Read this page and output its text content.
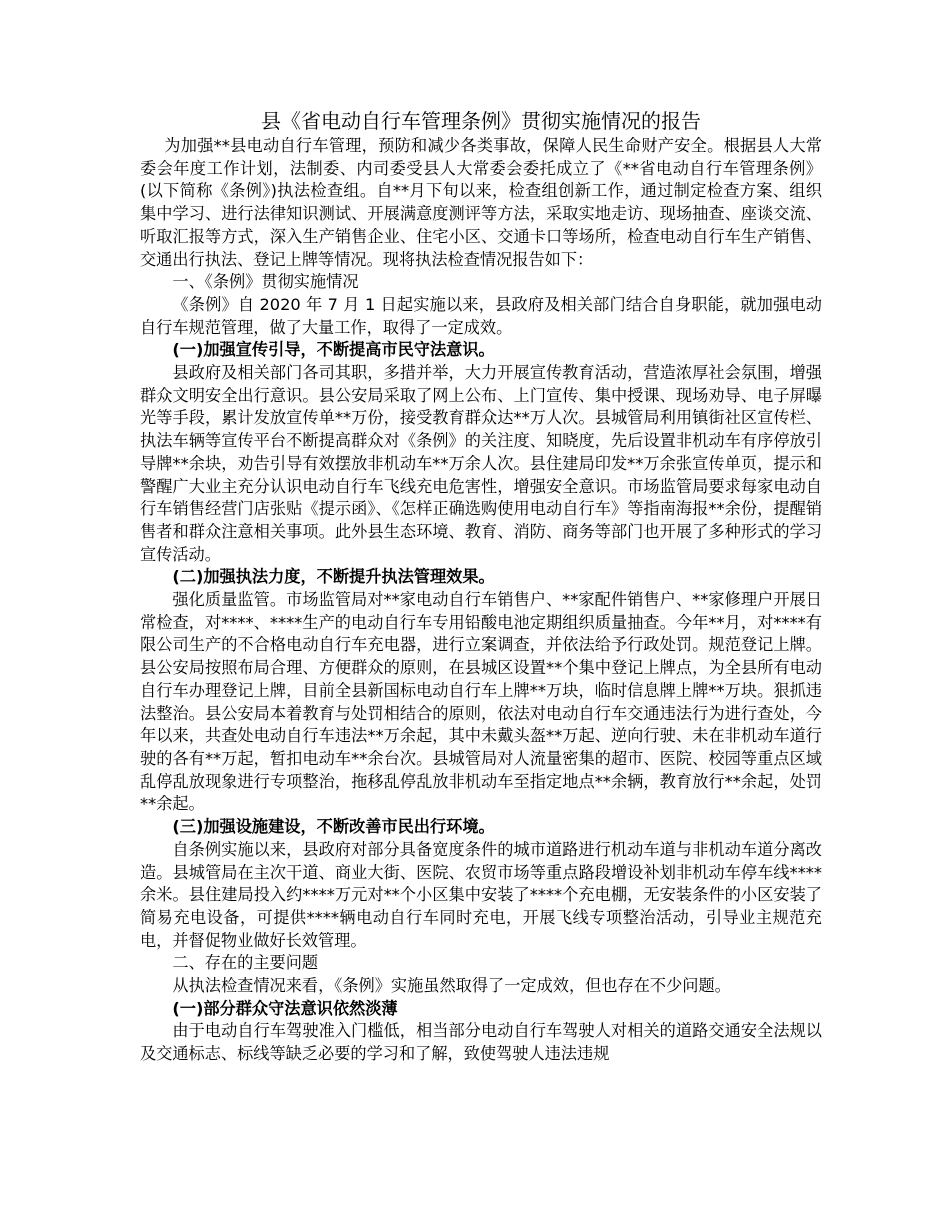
县《省电动自行车管理条例》贯彻实施情况的报告

为加强**县电动自行车管理，预防和减少各类事故，保障人民生命财产安全。根据县人大常委会年度工作计划，法制委、内司委受县人大常委会委托成立了《**省电动自行车管理条例》(以下简称《条例》)执法检查组。自**月下旬以来，检查组创新工作，通过制定检查方案、组织集中学习、进行法律知识测试、开展满意度测评等方法，采取实地走访、现场抽查、座谈交流、听取汇报等方式，深入生产销售企业、住宅小区、交通卡口等场所，检查电动自行车生产销售、交通出行执法、登记上牌等情况。现将执法检查情况报告如下：

一、《条例》贯彻实施情况

《条例》自 2020 年 7 月 1 日起实施以来，县政府及相关部门结合自身职能，就加强电动自行车规范管理，做了大量工作，取得了一定成效。

(一)加强宣传引导，不断提高市民守法意识。

县政府及相关部门各司其职，多措并举，大力开展宣传教育活动，营造浓厚社会氛围，增强群众文明安全出行意识。县公安局采取了网上公布、上门宣传、集中授课、现场劝导、电子屏曝光等手段，累计发放宣传单**万份，接受教育群众达**万人次。县城管局利用镇街社区宣传栏、执法车辆等宣传平台不断提高群众对《条例》的关注度、知晓度，先后设置非机动车有序停放引导牌**余块，劝告引导有效摆放非机动车**万余人次。县住建局印发**万余张宣传单页，提示和警醒广大业主充分认识电动自行车飞线充电危害性，增强安全意识。市场监管局要求每家电动自行车销售经营门店张贴《提示函》、《怎样正确选购使用电动自行车》等指南海报**余份，提醒销售者和群众注意相关事项。此外县生态环境、教育、消防、商务等部门也开展了多种形式的学习宣传活动。

(二)加强执法力度，不断提升执法管理效果。

强化质量监管。市场监管局对**家电动自行车销售户、**家配件销售户、**家修理户开展日常检查，对****、****生产的电动自行车专用铅酸电池定期组织质量抽查。今年**月，对****有限公司生产的不合格电动自行车充电器，进行立案调查，并依法给予行政处罚。规范登记上牌。县公安局按照布局合理、方便群众的原则，在县城区设置**个集中登记上牌点，为全县所有电动自行车办理登记上牌，目前全县新国标电动自行车上牌**万块，临时信息牌上牌**万块。狠抓违法整治。县公安局本着教育与处罚相结合的原则，依法对电动自行车交通违法行为进行查处，今年以来，共查处电动自行车违法**万余起，其中未戴头盔**万起、逆向行驶、未在非机动车道行驶的各有**万起，暂扣电动车**余台次。县城管局对人流量密集的超市、医院、校园等重点区域乱停乱放现象进行专项整治，拖移乱停乱放非机动车至指定地点**余辆，教育放行**余起，处罚**余起。

(三)加强设施建设，不断改善市民出行环境。

自条例实施以来，县政府对部分具备宽度条件的城市道路进行机动车道与非机动车道分离改造。县城管局在主次干道、商业大街、医院、农贸市场等重点路段增设补划非机动车停车线****余米。县住建局投入约****万元对**个小区集中安装了****个充电棚，无安装条件的小区安装了简易充电设备，可提供****辆电动自行车同时充电，开展飞线专项整治活动，引导业主规范充电，并督促物业做好长效管理。

二、存在的主要问题

从执法检查情况来看，《条例》实施虽然取得了一定成效，但也存在不少问题。

(一)部分群众守法意识依然淡薄

由于电动自行车驾驶准入门槛低，相当部分电动自行车驾驶人对相关的道路交通安全法规以及交通标志、标线等缺乏必要的学习和了解，致使驾驶人违法违规
